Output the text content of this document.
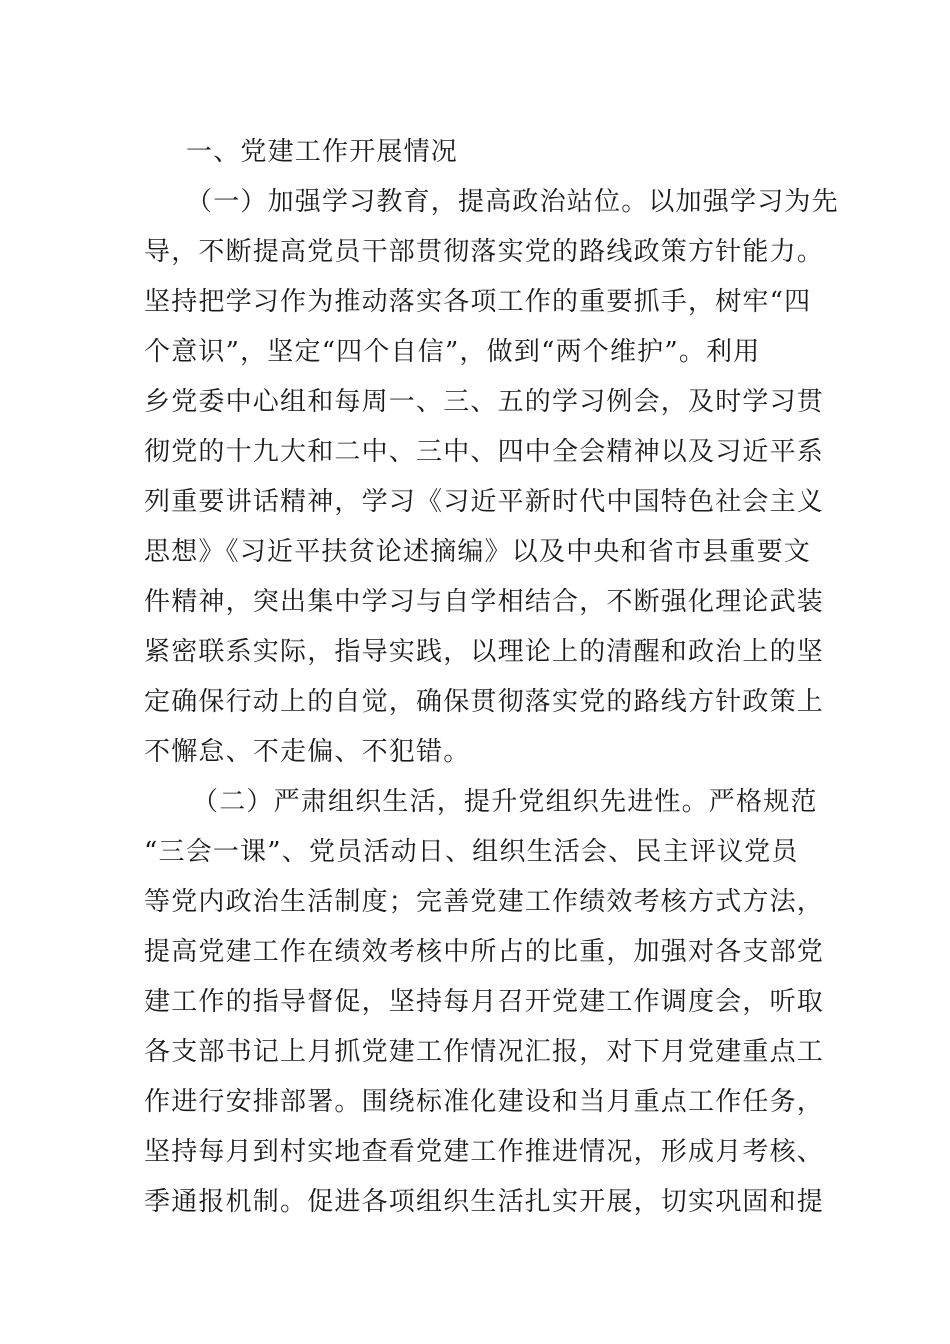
一、党建工作开展情况
（一）加强学习教育，提高政治站位。以加强学习为先
导，不断提高党员干部贯彻落实党的路线政策方针能力。
坚持把学习作为推动落实各项工作的重要抓手，树牢“四
个意识”，坚定“四个自信”，做到“两个维护”。利用
乡党委中心组和每周一、三、五的学习例会，及时学习贯
彻党的十九大和二中、三中、四中全会精神以及习近平系
列重要讲话精神，学习《习近平新时代中国特色社会主义
思想》《习近平扶贫论述摘编》以及中央和省市县重要文
件精神，突出集中学习与自学相结合，不断强化理论武装
紧密联系实际，指导实践，以理论上的清醒和政治上的坚
定确保行动上的自觉，确保贯彻落实党的路线方针政策上
不懈怠、不走偏、不犯错。
（二）严肃组织生活，提升党组织先进性。严格规范
“三会一课”、党员活动日、组织生活会、民主评议党员
等党内政治生活制度；完善党建工作绩效考核方式方法，
提高党建工作在绩效考核中所占的比重，加强对各支部党
建工作的指导督促，坚持每月召开党建工作调度会，听取
各支部书记上月抓党建工作情况汇报，对下月党建重点工
作进行安排部署。围绕标准化建设和当月重点工作任务，
坚持每月到村实地查看党建工作推进情况，形成月考核、
季通报机制。促进各项组织生活扎实开展，切实巩固和提
